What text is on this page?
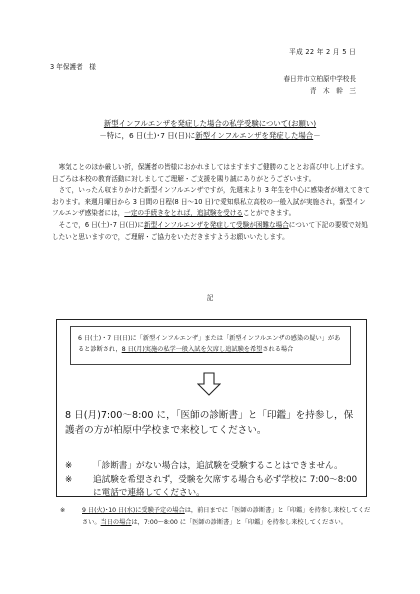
平成 22 年 2 月 5 日
3 年保護者　様
春日井市立柏原中学校長
青　木　幹　三
新型インフルエンザを発症した場合の私学受験について(お願い)
－特に，6 日(土)･7 日(日)に新型インフルエンザを発症した場合－

寒気ことのほか厳しい折，保護者の皆様におかれましてはますますご健勝のこととお喜び申し上げます。日ごろは本校の教育活動に対しましてご理解・ご支援を賜り誠にありがとうございます。

さて，いったん収まりかけた新型インフルエンザですが，先週末より 3 年生を中心に感染者が増えてきております。来週月曜日から 3 日間の日程(8 日～10 日)で愛知県私立高校の一般入試が実施され，新型インフルエンザ感染者には，一定の手続きをとれば，追試験を受けることができます。

そこで，6 日(土)･7 日(日)に新型インフルエンザを発症して受験が困難な場合について下記の要領で対処したいと思いますので，ご理解・ご協力をいただきますようお願いいたします。

記
6 日(土)・7 日(日)に「新型インフルエンザ」または「新型インフルエンザの感染の疑い」があると診断され，8 日(月)実施の私学一般入試を欠席し追試験を希望される場合
8 日(月)7:00～8:00 に，「医師の診断書」と「印鑑」を持参し，保護者の方が柏原中学校まで来校してください。
※	「診断書」がない場合は，追試験を受験することはできません。
※	追試験を希望されず，受験を欠席する場合も必ず学校に 7:00～8:00 に電話で連絡してください。
※	9 日(火)･10 日(水)に受験予定の場合は，前日までに「医師の診断書」と「印鑑」を持参し来校してください。当日の場合は，7:00～8:00 に「医師の診断書」と「印鑑」を持参し来校してください。
